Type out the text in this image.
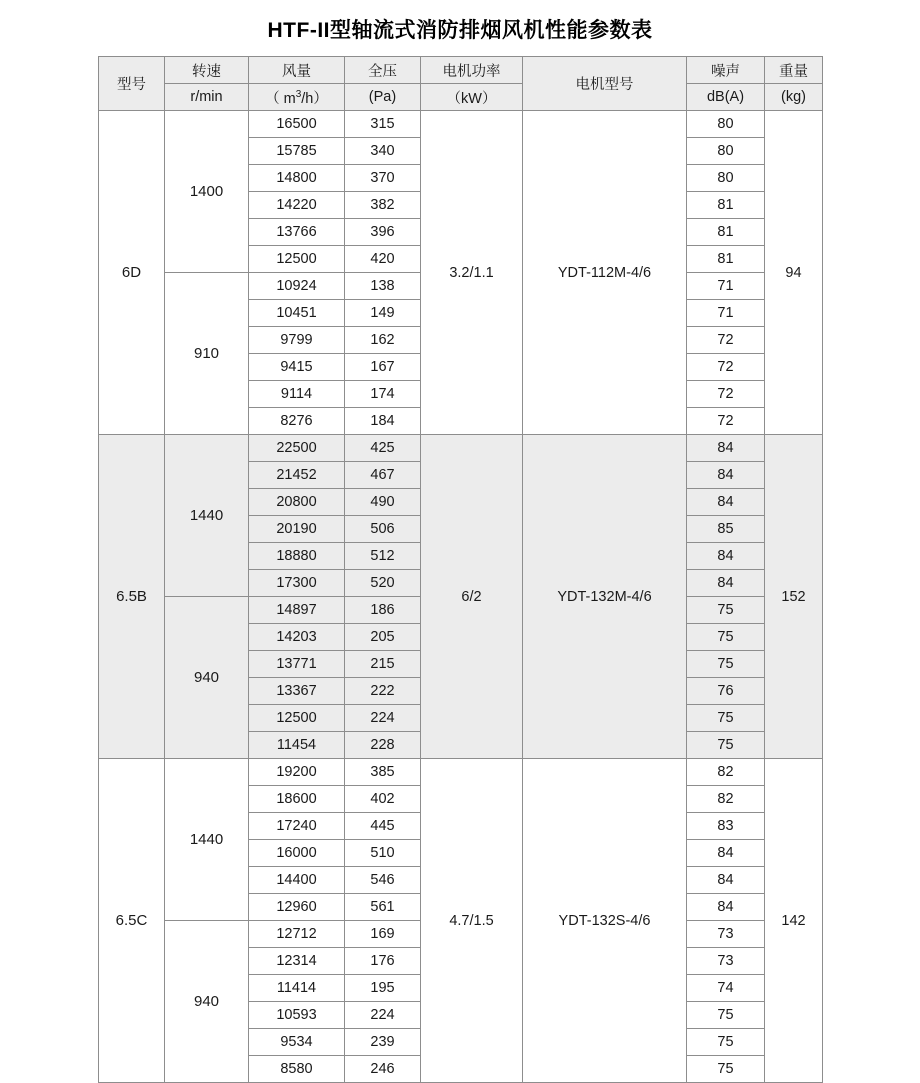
HTF-II型轴流式消防排烟风机性能参数表
型号	转速	风量	全压	电机功率	电机型号	噪声	重量
	r/min	（ $m^3/h$）	(Pa)	（kW）		dB(A)	(kg)
6D	1400	16500	315	3.2/1.1	YDT-112M-4/6	80	94
		15785	340			80	
		14800	370			80	
		14220	382			81	
		13766	396			81	
		12500	420			81	
	910	10924	138			71	
		10451	149			71	
		9799	162			72	
		9415	167			72	
		9114	174			72	
		8276	184			72	
6.5B	1440	22500	425	6/2	YDT-132M-4/6	84	152
		21452	467			84	
		20800	490			84	
		20190	506			85	
		18880	512			84	
		17300	520			84	
	940	14897	186			75	
		14203	205			75	
		13771	215			75	
		13367	222			76	
		12500	224			75	
		11454	228			75	
6.5C	1440	19200	385	4.7/1.5	YDT-132S-4/6	82	142
		18600	402			82	
		17240	445			83	
		16000	510			84	
		14400	546			84	
		12960	561			84	
	940	12712	169			73	
		12314	176			73	
		11414	195			74	
		10593	224			75	
		9534	239			75	
		8580	246			75	
